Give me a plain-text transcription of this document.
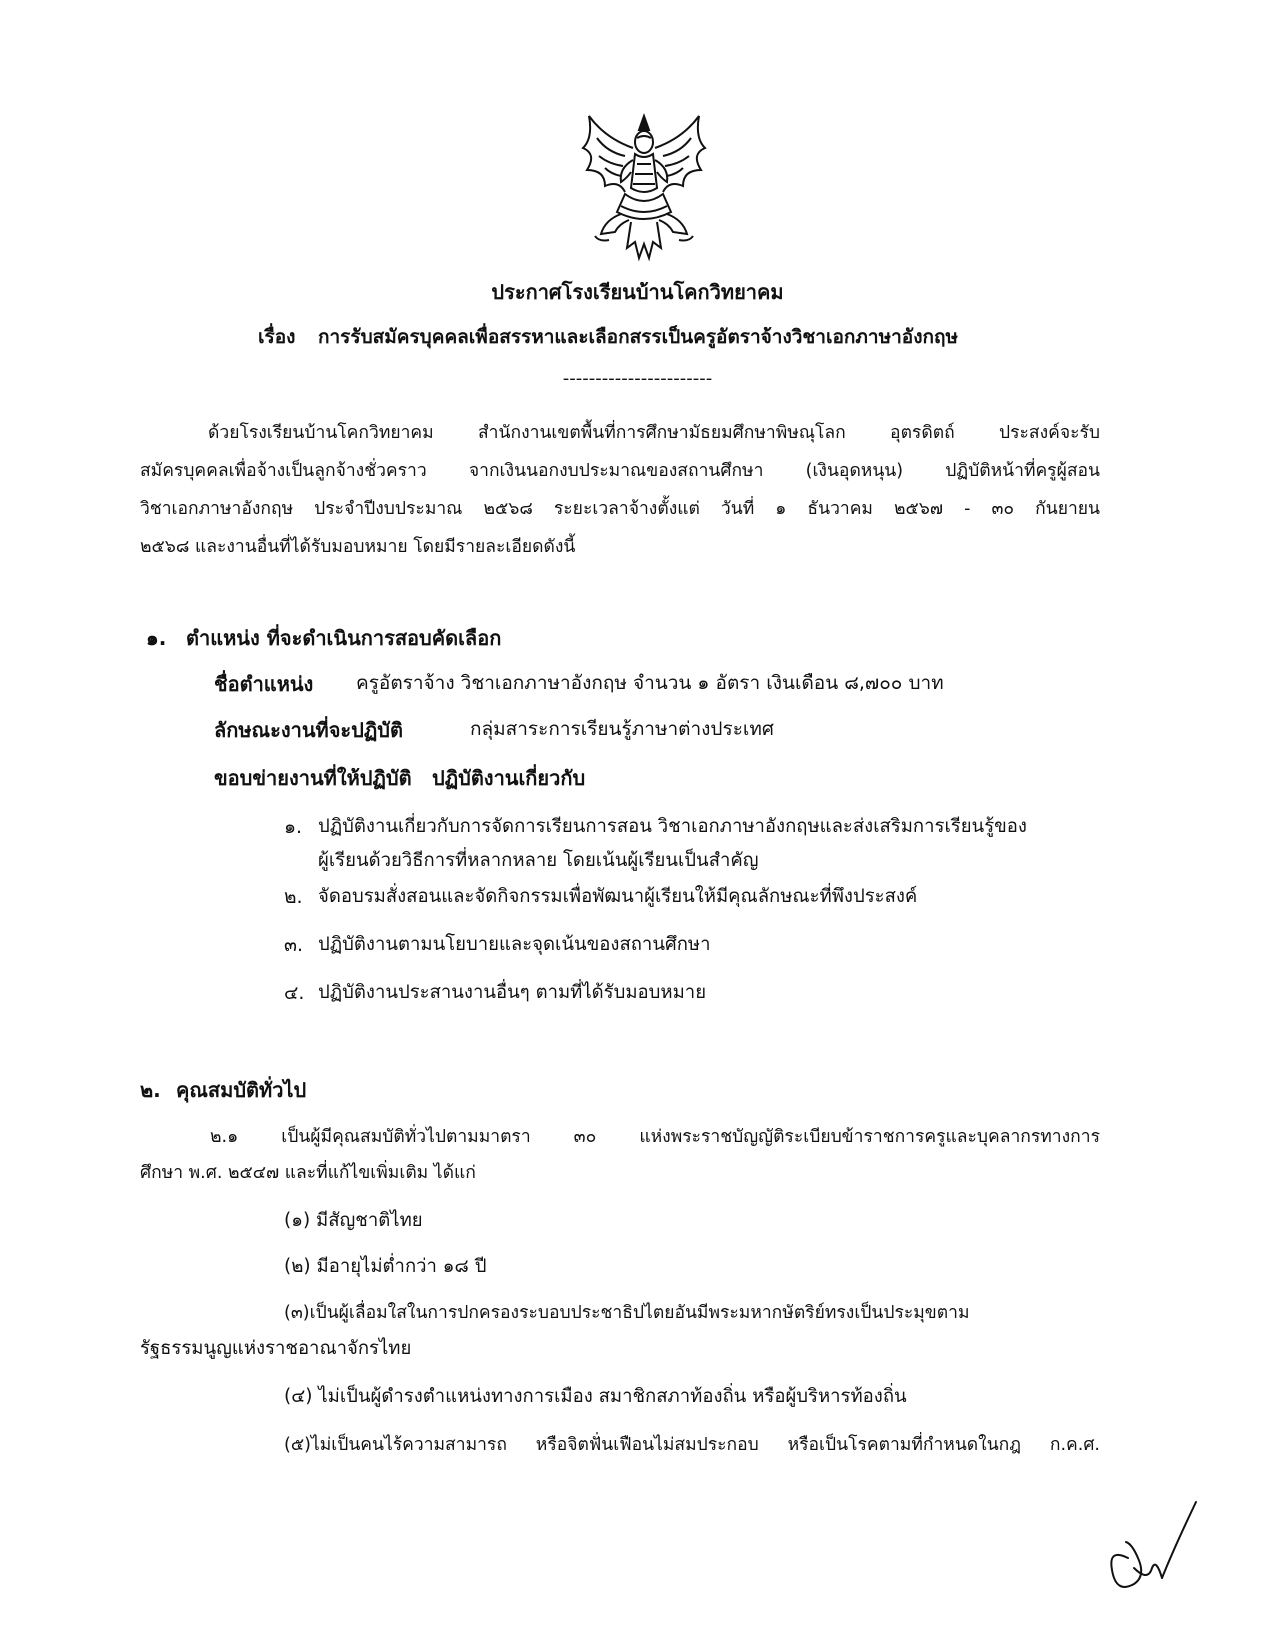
ประกาศโรงเรียนบ้านโคกวิทยาคม
เรื่อง การรับสมัครบุคคลเพื่อสรรหาและเลือกสรรเป็นครูอัตราจ้างวิชาเอกภาษาอังกฤษ
-----------------------
ด้วยโรงเรียนบ้านโคกวิทยาคม สำนักงานเขตพื้นที่การศึกษามัธยมศึกษาพิษณุโลก อุตรดิตถ์ ประสงค์จะรับ
สมัครบุคคลเพื่อจ้างเป็นลูกจ้างชั่วคราว จากเงินนอกงบประมาณของสถานศึกษา (เงินอุดหนุน) ปฏิบัติหน้าที่ครูผู้สอน
วิชาเอกภาษาอังกฤษ ประจำปีงบประมาณ ๒๕๖๘ ระยะเวลาจ้างตั้งแต่ วันที่ ๑ ธันวาคม ๒๕๖๗ - ๓๐ กันยายน
๒๕๖๘ และงานอื่นที่ได้รับมอบหมาย โดยมีรายละเอียดดังนี้
๑. ตำแหน่ง ที่จะดำเนินการสอบคัดเลือก
ชื่อตำแหน่ง ครูอัตราจ้าง วิชาเอกภาษาอังกฤษ จำนวน ๑ อัตรา เงินเดือน ๘,๗๐๐ บาท
ลักษณะงานที่จะปฏิบัติ	กลุ่มสาระการเรียนรู้ภาษาต่างประเทศ
ขอบข่ายงานที่ให้ปฏิบัติ ปฏิบัติงานเกี่ยวกับ
๑. ปฏิบัติงานเกี่ยวกับการจัดการเรียนการสอน วิชาเอกภาษาอังกฤษและส่งเสริมการเรียนรู้ของ
ผู้เรียนด้วยวิธีการที่หลากหลาย โดยเน้นผู้เรียนเป็นสำคัญ
๒. จัดอบรมสั่งสอนและจัดกิจกรรมเพื่อพัฒนาผู้เรียนให้มีคุณลักษณะที่พึงประสงค์
๓. ปฏิบัติงานตามนโยบายและจุดเน้นของสถานศึกษา
๔. ปฏิบัติงานประสานงานอื่นๆ ตามที่ได้รับมอบหมาย
๒. คุณสมบัติทั่วไป
๒.๑ เป็นผู้มีคุณสมบัติทั่วไปตามมาตรา ๓๐ แห่งพระราชบัญญัติระเบียบข้าราชการครูและบุคลากรทางการ
ศึกษา พ.ศ. ๒๕๔๗ และที่แก้ไขเพิ่มเติม ได้แก่
(๑) มีสัญชาติไทย
(๒) มีอายุไม่ต่ำกว่า ๑๘ ปี
(๓)เป็นผู้เลื่อมใสในการปกครองระบอบประชาธิปไตยอันมีพระมหากษัตริย์ทรงเป็นประมุขตาม
รัฐธรรมนูญแห่งราชอาณาจักรไทย
(๔) ไม่เป็นผู้ดำรงตำแหน่งทางการเมือง สมาชิกสภาท้องถิ่น หรือผู้บริหารท้องถิ่น
(๕)ไม่เป็นคนไร้ความสามารถ หรือจิตฟั่นเฟือนไม่สมประกอบ หรือเป็นโรคตามที่กำหนดในกฎ ก.ค.ศ.
